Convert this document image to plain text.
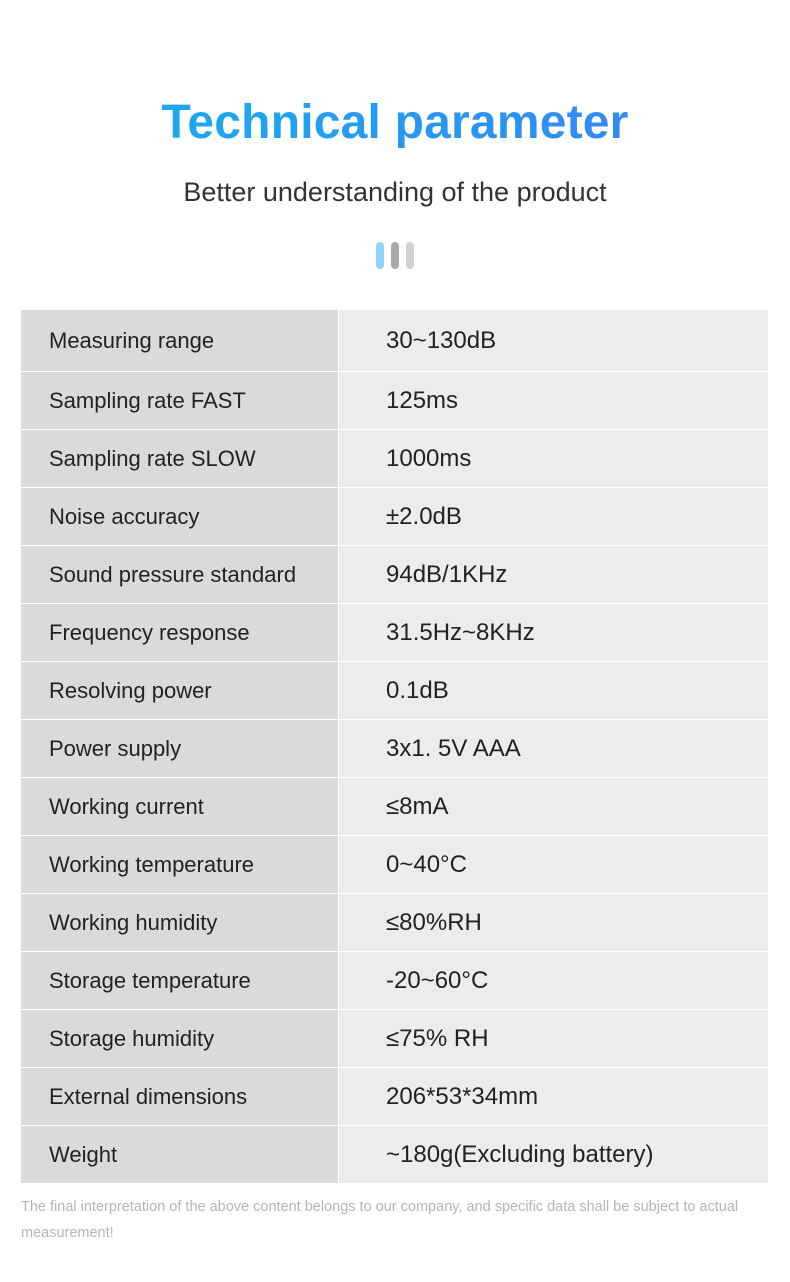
Technical parameter
Better understanding of the product
Measuring range	30~130dB
Sampling rate FAST	125ms
Sampling rate SLOW	1000ms
Noise accuracy	±2.0dB
Sound pressure standard	94dB/1KHz
Frequency response	31.5Hz~8KHz
Resolving power	0.1dB
Power supply	3x1. 5V AAA
Working current	≤8mA
Working temperature	0~40°C
Working humidity	≤80%RH
Storage temperature	-20~60°C
Storage humidity	≤75% RH
External dimensions	206*53*34mm
Weight	~180g(Excluding battery)
The final interpretation of the above content belongs to our company, and specific data shall be subject to actual measurement!
